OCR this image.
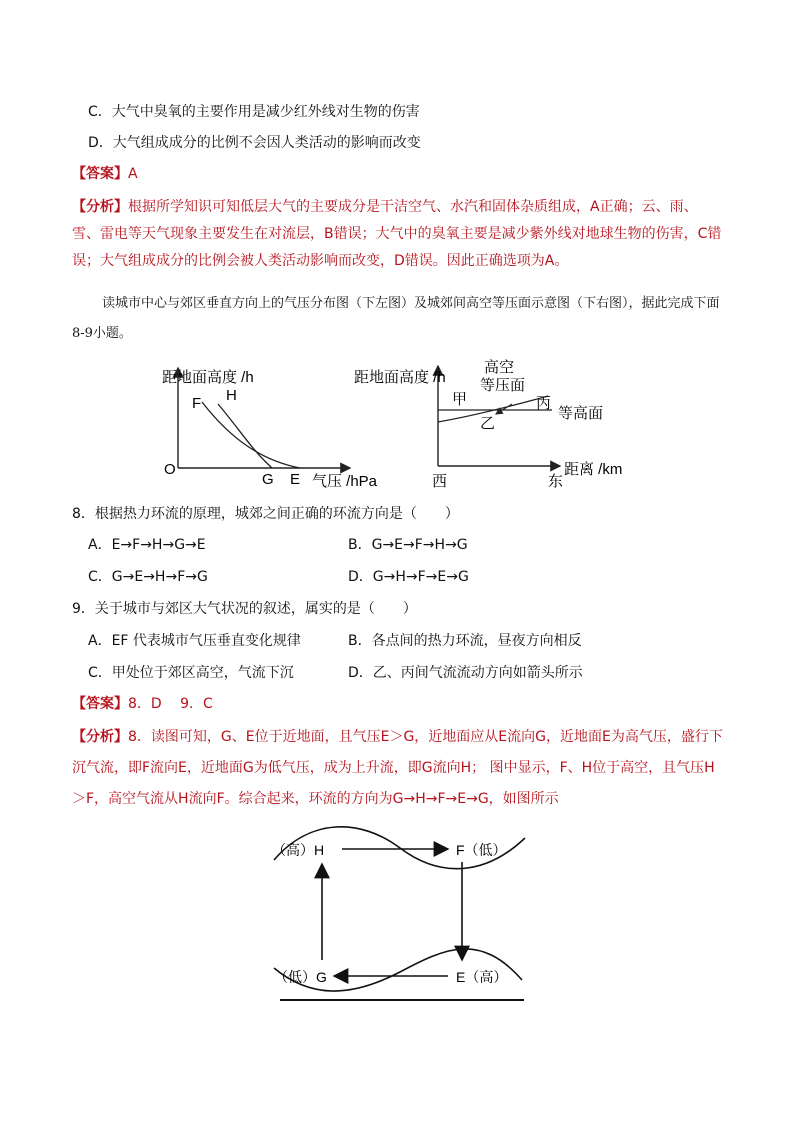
C．大气中臭氧的主要作用是减少红外线对生物的伤害
D．大气组成成分的比例不会因人类活动的影响而改变
【答案】A
【分析】根据所学知识可知低层大气的主要成分是干洁空气、水汽和固体杂质组成，A正确；云、雨、雪、雷电等天气现象主要发生在对流层，B错误；大气中的臭氧主要是减少紫外线对地球生物的伤害，C错误；大气组成成分的比例会被人类活动影响而改变，D错误。因此正确选项为A。
读城市中心与郊区垂直方向上的气压分布图（下左图）及城郊间高空等压面示意图（下右图），据此完成下面8-9小题。
距地面高度 /h
气压 /hPa
O
F H
G E
距地面高度 /h
高空
等压面
甲	丙
乙
等高面
距离 /km
西	东
8．根据热力环流的原理，城郊之间正确的环流方向是（　　）
A．E→F→H→G→E	B．G→E→F→H→G
C．G→E→H→F→G	D．G→H→F→E→G
9．关于城市与郊区大气状况的叙述，属实的是（　　）
A．EF 代表城市气压垂直变化规律	B．各点间的热力环流，昼夜方向相反
C．甲处位于郊区高空，气流下沉	D．乙、丙间气流流动方向如箭头所示
【答案】8．D　 9．C
【分析】8．读图可知，G、E位于近地面，且气压E＞G，近地面应从E流向G，近地面E为高气压，盛行下沉气流，即F流向E，近地面G为低气压，成为上升流，即G流向H； 图中显示，F、H位于高空，且气压H＞F，高空气流从H流向F。综合起来，环流的方向为G→H→F→E→G，如图所示
（高）H	F（低）
（低）G	E（高）
